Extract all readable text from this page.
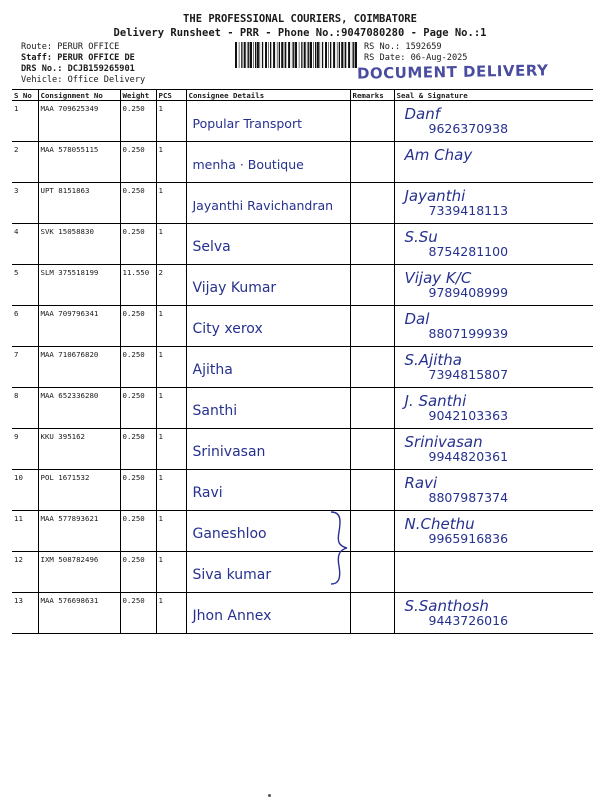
THE PROFESSIONAL COURIERS, COIMBATORE
Delivery Runsheet - PRR - Phone No.:9047080280 - Page No.:1
Route: PERUR OFFICE
Staff: PERUR OFFICE DE
DRS No.: DCJB159265901
Vehicle: Office Delivery
RS No.: 1592659
RS Date: 06-Aug-2025
DOCUMENT DELIVERY
S No	Consignment No	Weight	PCS	Consignee Details	Remarks	Seal & Signature
1	MAA 709625349	0.250	1	Popular Transport		Danf
9626370938

2	MAA 578055115	0.250	1	menha · Boutique		Am Chay

3	UPT 8151863	0.250	1	Jayanthi Ravichandran		Jayanthi
7339418113

4	SVK 15058830	0.250	1	Selva		S.Su
8754281100

5	SLM 375518199	11.550	2	Vijay Kumar		Vijay K/C
9789408999

6	MAA 709796341	0.250	1	City xerox		Dal
8807199939

7	MAA 710676820	0.250	1	Ajitha		S.Ajitha
7394815807

8	MAA 652336280	0.250	1	Santhi		J. Santhi
9042103363

9	KKU 395162	0.250	1	Srinivasan		Srinivasan
9944820361

10	POL 1671532	0.250	1	Ravi		Ravi
8807987374

11	MAA 577893621	0.250	1	Ganeshloo		N.Chethu
9965916836

12	IXM 508782496	0.250	1	Siva kumar		

13	MAA 576698631	0.250	1	Jhon Annex		S.Santhosh
9443726016
